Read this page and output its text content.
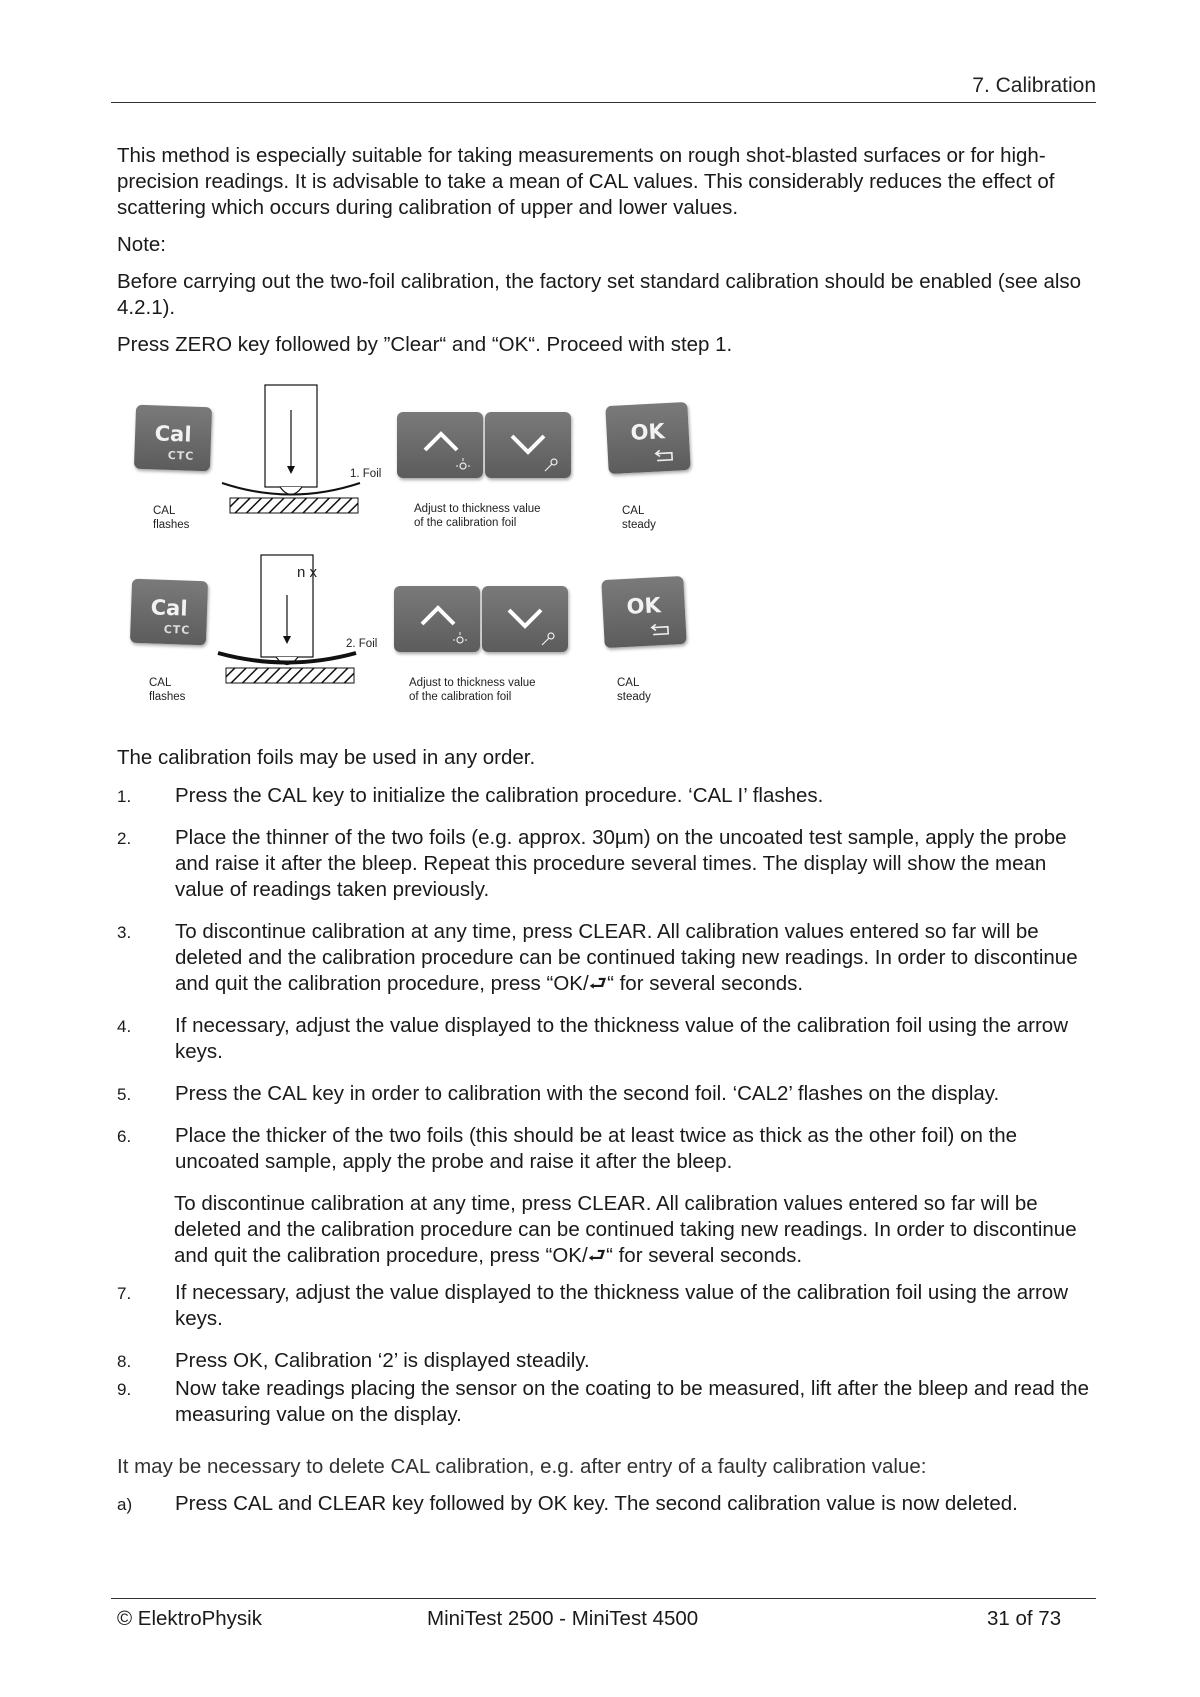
7. Calibration

This method is especially suitable for taking measurements on rough shot-blasted surfaces or for high-precision readings. It is advisable to take a mean of CAL values. This considerably reduces the effect of scattering which occurs during calibration of upper and lower values.

Note:

Before carrying out the two-foil calibration, the factory set standard calibration should be enabled (see also 4.2.1).

Press ZERO key followed by ”Clear“ and “OK“. Proceed with step 1.

Cal
CTC
CAL
flashes
1. Foil
Adjust to thickness value
of the calibration foil
OK
CAL
steady
Cal
CTC
CAL
flashes
n x
2. Foil
Adjust to thickness value
of the calibration foil
OK
CAL
steady

The calibration foils may be used in any order.

1. Press the CAL key to initialize the calibration procedure. ‘CAL I’ flashes.
2. Place the thinner of the two foils (e.g. approx. 30µm) on the uncoated test sample, apply the probe and raise it after the bleep. Repeat this procedure several times. The display will show the mean value of readings taken previously.
3. To discontinue calibration at any time, press CLEAR. All calibration values entered so far will be deleted and the calibration procedure can be continued taking new readings. In order to discontinue and quit the calibration procedure, press “OK/⮐“ for several seconds.
4. If necessary, adjust the value displayed to the thickness value of the calibration foil using the arrow keys.
5. Press the CAL key in order to calibration with the second foil. ‘CAL2’ flashes on the display.
6. Place the thicker of the two foils (this should be at least twice as thick as the other foil) on the uncoated sample, apply the probe and raise it after the bleep.

To discontinue calibration at any time, press CLEAR. All calibration values entered so far will be deleted and the calibration procedure can be continued taking new readings. In order to discontinue and quit the calibration procedure, press “OK/⮐“ for several seconds.

7. If necessary, adjust the value displayed to the thickness value of the calibration foil using the arrow keys.
8. Press OK, Calibration ‘2’ is displayed steadily.
9. Now take readings placing the sensor on the coating to be measured, lift after the bleep and read the measuring value on the display.

It may be necessary to delete CAL calibration, e.g. after entry of a faulty calibration value:

a) Press CAL and CLEAR key followed by OK key. The second calibration value is now deleted.
© ElektroPhysik	MiniTest 2500 - MiniTest 4500	31 of 73
